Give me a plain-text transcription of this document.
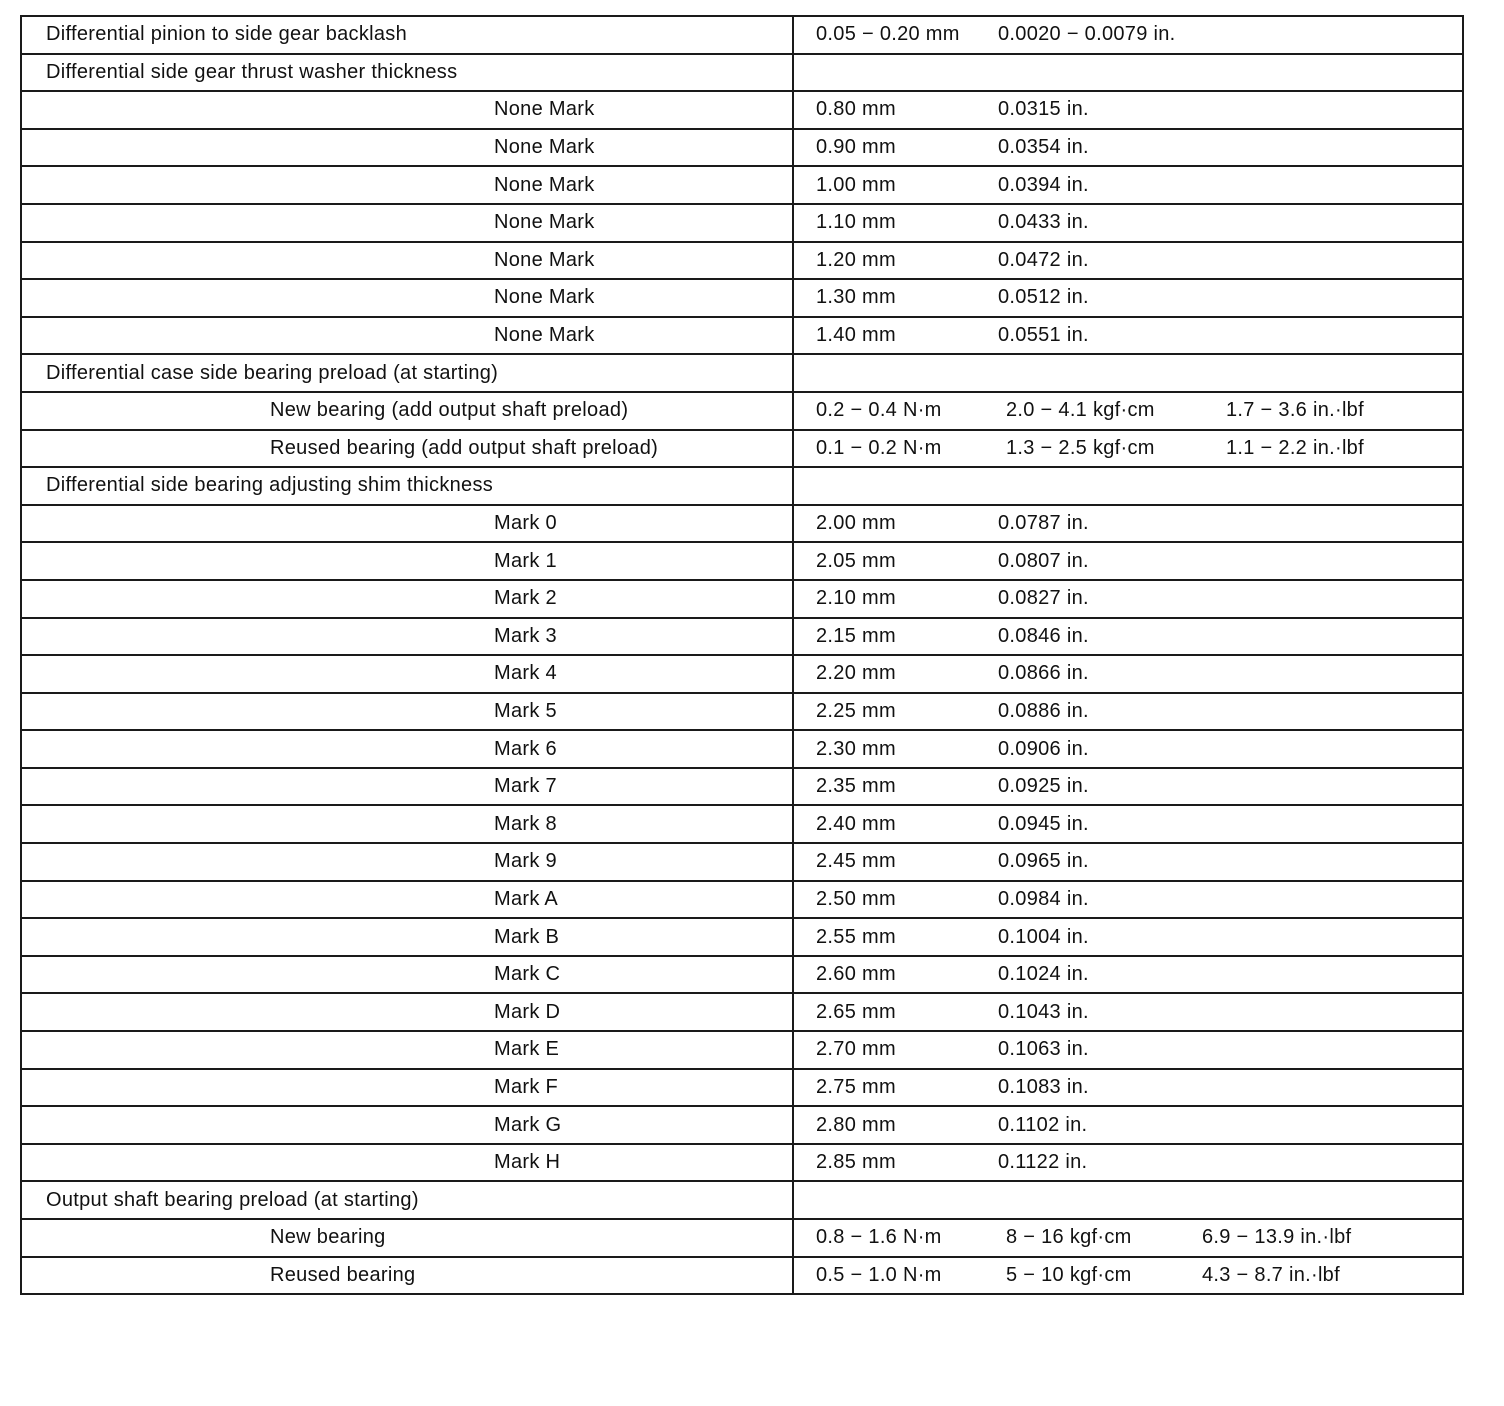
Differential pinion to side gear backlash	0.05 − 0.20 mm 0.0020 − 0.0079 in.
Differential side gear thrust washer thickness	
None Mark	0.80 mm 0.0315 in.
None Mark	0.90 mm 0.0354 in.
None Mark	1.00 mm 0.0394 in.
None Mark	1.10 mm 0.0433 in.
None Mark	1.20 mm 0.0472 in.
None Mark	1.30 mm 0.0512 in.
None Mark	1.40 mm 0.0551 in.
Differential case side bearing preload (at starting)	
New bearing (add output shaft preload)	0.2 − 0.4 N·m 2.0 − 4.1 kgf·cm 1.7 − 3.6 in.·lbf
Reused bearing (add output shaft preload)	0.1 − 0.2 N·m 1.3 − 2.5 kgf·cm 1.1 − 2.2 in.·lbf
Differential side bearing adjusting shim thickness	
Mark 0	2.00 mm 0.0787 in.
Mark 1	2.05 mm 0.0807 in.
Mark 2	2.10 mm 0.0827 in.
Mark 3	2.15 mm 0.0846 in.
Mark 4	2.20 mm 0.0866 in.
Mark 5	2.25 mm 0.0886 in.
Mark 6	2.30 mm 0.0906 in.
Mark 7	2.35 mm 0.0925 in.
Mark 8	2.40 mm 0.0945 in.
Mark 9	2.45 mm 0.0965 in.
Mark A	2.50 mm 0.0984 in.
Mark B	2.55 mm 0.1004 in.
Mark C	2.60 mm 0.1024 in.
Mark D	2.65 mm 0.1043 in.
Mark E	2.70 mm 0.1063 in.
Mark F	2.75 mm 0.1083 in.
Mark G	2.80 mm 0.1102 in.
Mark H	2.85 mm 0.1122 in.
Output shaft bearing preload (at starting)	
New bearing	0.8 − 1.6 N·m 8 − 16 kgf·cm 6.9 − 13.9 in.·lbf
Reused bearing	0.5 − 1.0 N·m 5 − 10 kgf·cm 4.3 − 8.7 in.·lbf
